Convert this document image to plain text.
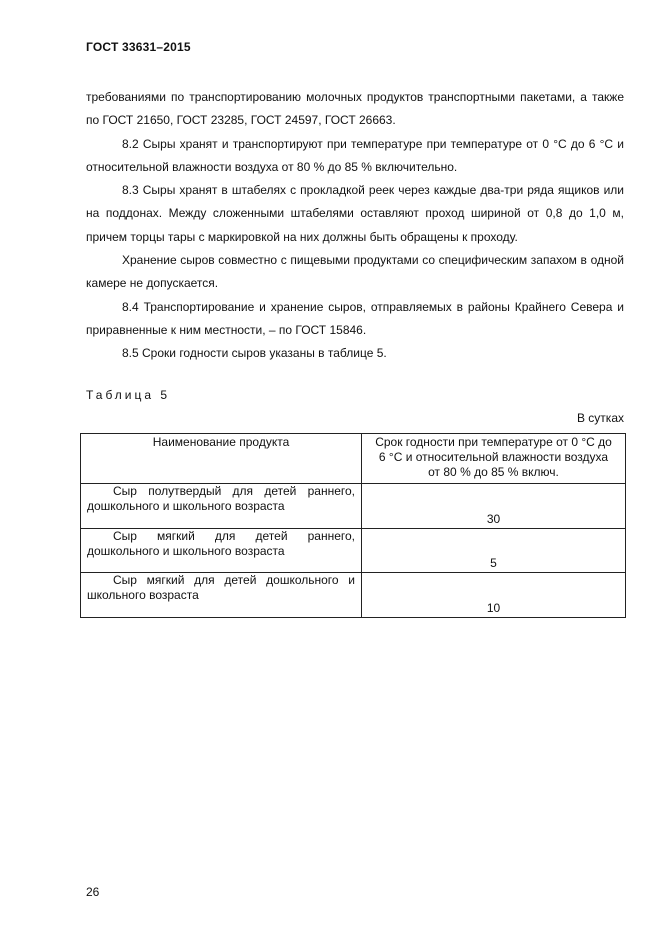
ГОСТ 33631–2015

требованиями по транспортированию молочных продуктов транспортными пакетами, а также по ГОСТ 21650, ГОСТ 23285, ГОСТ 24597, ГОСТ 26663.

8.2 Сыры хранят и транспортируют при температуре при температуре от 0 °С до 6 °С и относительной влажности воздуха от 80 % до 85 % включительно.

8.3 Сыры хранят в штабелях с прокладкой реек через каждые два-три ряда ящиков или на поддонах. Между сложенными штабелями оставляют проход шириной от 0,8 до 1,0 м, причем торцы тары с маркировкой на них должны быть обращены к проходу.

Хранение сыров совместно с пищевыми продуктами со специфическим запахом в одной камере не допускается.

8.4 Транспортирование и хранение сыров, отправляемых в районы Крайнего Севера и приравненные к ним местности, – по ГОСТ 15846.

8.5 Сроки годности сыров указаны в таблице 5.

Таблица 5
В сутках
Наименование продукта	Срок годности при температуре от 0 °С до 6 °С и относительной влажности воздуха от 80 % до 85 % включ.
Сыр полутвердый для детей раннего, дошкольного и школьного возраста	30
Сыр мягкий для детей раннего, дошкольного и школьного возраста	5
Сыр мягкий для детей дошкольного и школьного возраста	10
26
